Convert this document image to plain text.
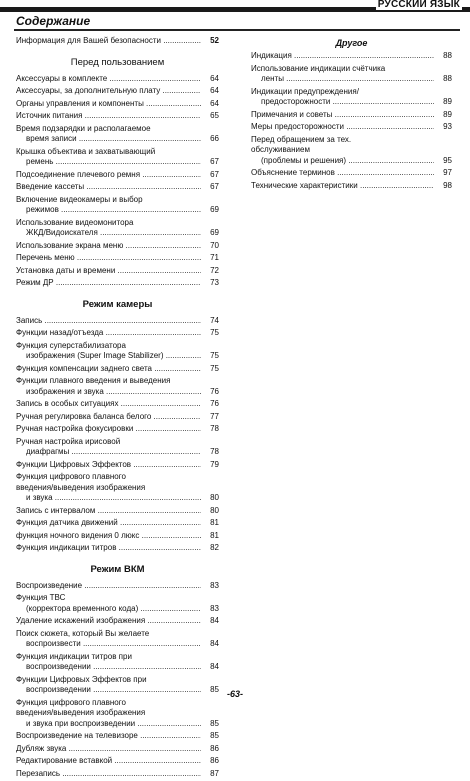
РУССКИЙ ЯЗЫК
Содержание
Информация для Вашей безопасности .....	52
Перед пользованием
Аксессуары в комплекте .....	64
Аксессуары, за дополнительную плату .....	64
Органы управления и компоненты .....	64
Источник питания .....	65
Время подзарядки и располагаемое
время записи .....	66
Крышка объектива и захватывающий
ремень .....	67
Подсоединение плечевого ремня .....	67
Введение кассеты .....	67
Включение видеокамеры и выбор
режимов .....	69
Использование видеомонитора
ЖКД/Видоискателя .....	69
Использование экрана меню .....	70
Перечень меню .....	71
Установка даты и времени .....	72
Режим ДР .....	73
Режим камеры
Запись .....	74
Функции назад/отъезда .....	75
Функция суперстабилизатора
изображения (Super Image Stabilizer) .....	75
Функция компенсации заднего света .....	75
Функции плавного введения и выведения
изображения и звука .....	76
Запись в особых ситуациях .....	76
Ручная регулировка баланса белого .....	77
Ручная настройка фокусировки .....	78
Ручная настройка ирисовой
диафрагмы .....	78
Функции Цифровых Эффектов .....	79
Функция цифрового плавного
введения/выведения изображения
и звука .....	80
Запись с интервалом .....	80
Функция датчика движений .....	81
функция ночного видения 0 люкс .....	81
Функция индикации титров .....	82
Режим ВКМ
Воспроизведение .....	83
Функция ТВС
(корректора временного кода) .....	83
Удаление искажений изображения .....	84
Поиск сюжета, который Вы желаете
воспроизвести .....	84
Функция индикации титров при
воспроизведении .....	84
Функции Цифровых Эффектов при
воспроизведении .....	85
Функция цифрового плавного
введения/выведения изображения
и звука при воспроизведении .....	85
Воспроизведение на телевизоре .....	85
Дубляж звука .....	86
Редактирование вставкой .....	86
Перезапись .....	87
Другое
Индикация .....	88
Использование индикации счётчика
ленты .....	88
Индикации предупреждения/
предосторожности .....	89
Примечания и советы .....	89
Меры предосторожности .....	93
Перед обращением за тех.
обслуживанием
(проблемы и решения) .....	95
Объяснение терминов .....	97
Технические характеристики .....	98
-63-
